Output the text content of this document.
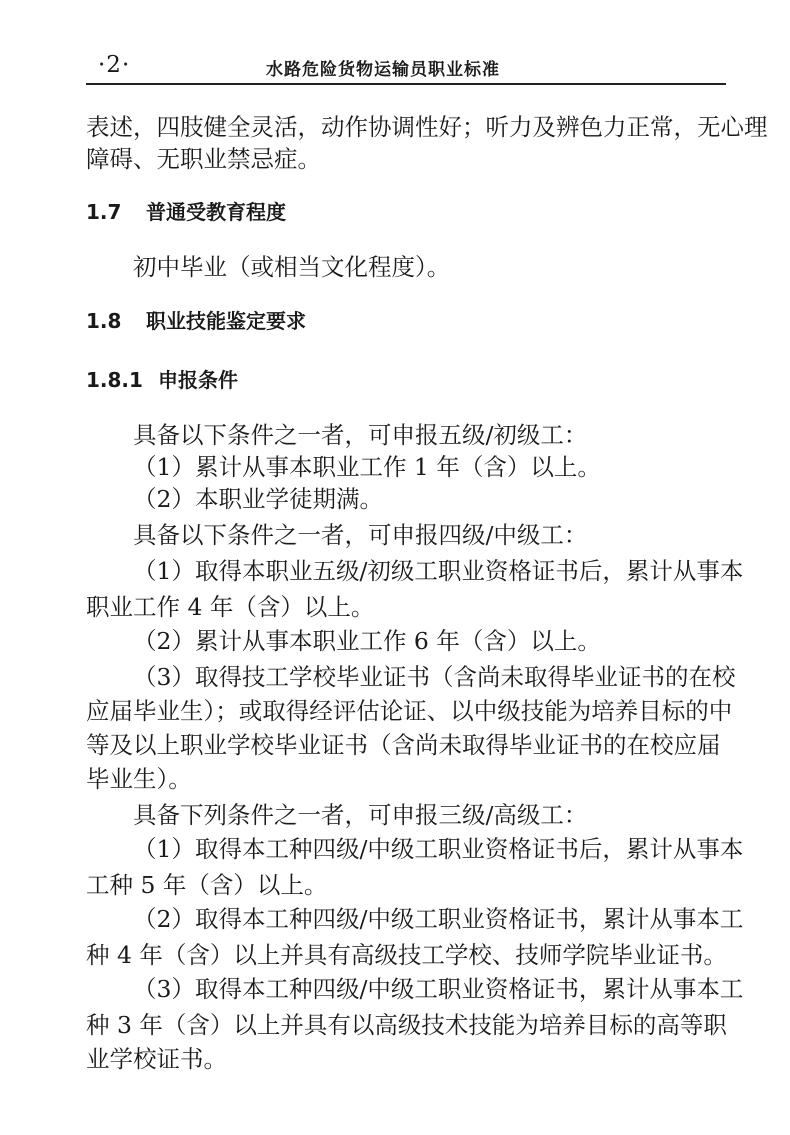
·2·	水路危险货物运输员职业标准
表述，四肢健全灵活，动作协调性好；听力及辨色力正常，无心理
障碍、无职业禁忌症。
1.7 普通受教育程度
初中毕业（或相当文化程度）。
1.8 职业技能鉴定要求
1.8.1 申报条件
具备以下条件之一者，可申报五级/初级工：
（1）累计从事本职业工作 1 年（含）以上。
（2）本职业学徒期满。
具备以下条件之一者，可申报四级/中级工：
（1）取得本职业五级/初级工职业资格证书后，累计从事本
职业工作 4 年（含）以上。
（2）累计从事本职业工作 6 年（含）以上。
（3）取得技工学校毕业证书（含尚未取得毕业证书的在校
应届毕业生）；或取得经评估论证、以中级技能为培养目标的中
等及以上职业学校毕业证书（含尚未取得毕业证书的在校应届
毕业生）。
具备下列条件之一者，可申报三级/高级工：
（1）取得本工种四级/中级工职业资格证书后，累计从事本
工种 5 年（含）以上。
（2）取得本工种四级/中级工职业资格证书，累计从事本工
种 4 年（含）以上并具有高级技工学校、技师学院毕业证书。
（3）取得本工种四级/中级工职业资格证书，累计从事本工
种 3 年（含）以上并具有以高级技术技能为培养目标的高等职
业学校证书。
